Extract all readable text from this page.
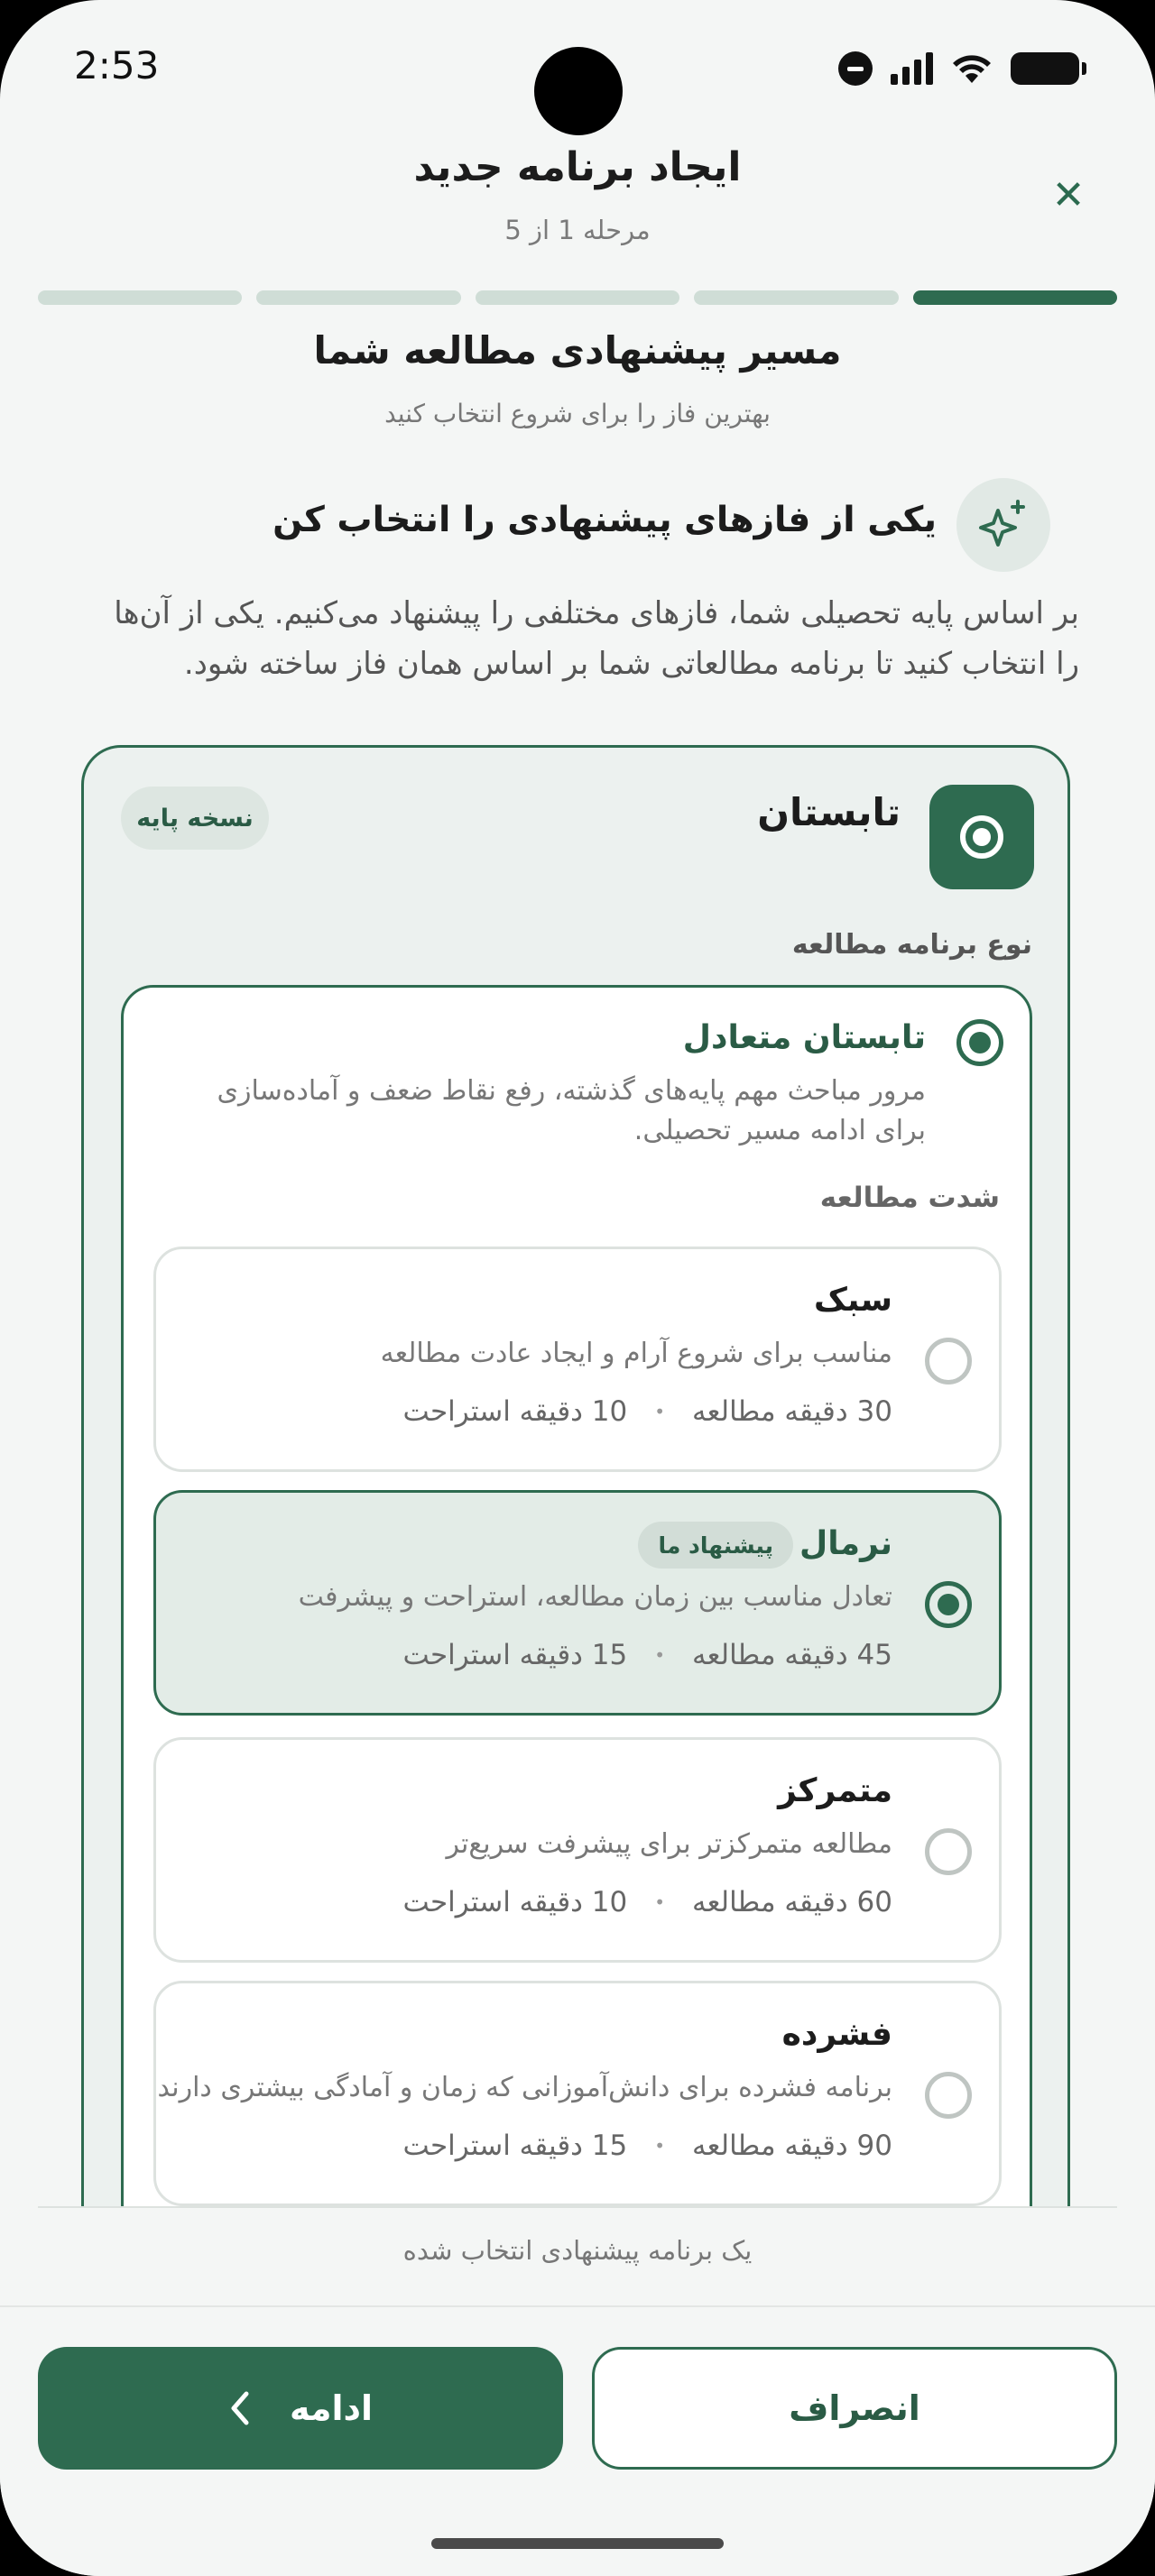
2:53
ایجاد برنامه جدید
مرحله 1 از 5
✕
مسیر پیشنهادی مطالعه شما
بهترین فاز را برای شروع انتخاب کنید
یکی از فازهای پیشنهادی را انتخاب کن
بر اساس پایه تحصیلی شما، فازهای مختلفی را پیشنهاد می‌کنیم. یکی از آن‌ها را انتخاب کنید تا برنامه مطالعاتی شما بر اساس همان فاز ساخته شود.
تابستان
نسخه پایه
نوع برنامه مطالعه
تابستان متعادل
مرور مباحث مهم پایه‌های گذشته، رفع نقاط ضعف و آماده‌سازی برای ادامه مسیر تحصیلی.
شدت مطالعه
سبک
مناسب برای شروع آرام و ایجاد عادت مطالعه
30 دقیقه مطالعه
•
10 دقیقه استراحت
نرمال
پیشنهاد ما
تعادل مناسب بین زمان مطالعه، استراحت و پیشرفت
45 دقیقه مطالعه
•
15 دقیقه استراحت
متمرکز
مطالعه متمرکزتر برای پیشرفت سریع‌تر
60 دقیقه مطالعه
•
10 دقیقه استراحت
فشرده
برنامه فشرده برای دانش‌آموزانی که زمان و آمادگی بیشتری دارند
90 دقیقه مطالعه
•
15 دقیقه استراحت
یک برنامه پیشنهادی انتخاب شده
ادامه	انصراف
